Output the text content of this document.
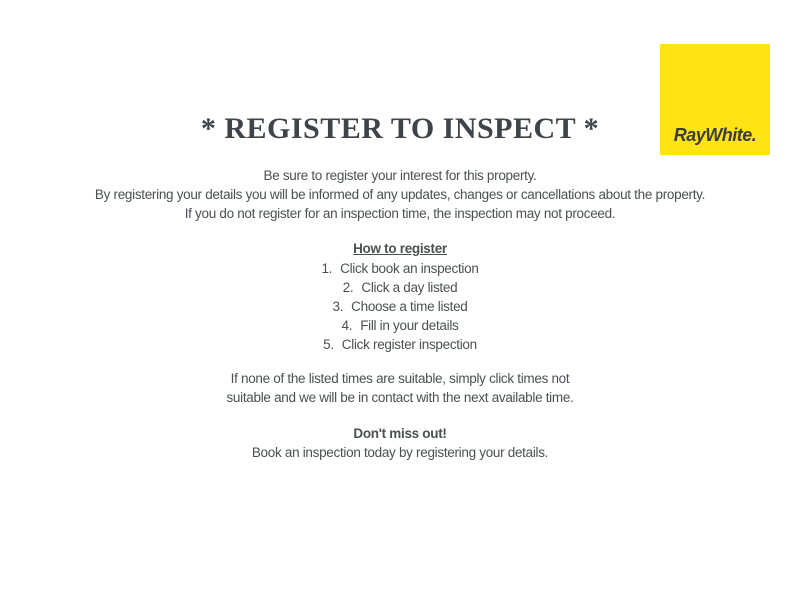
* REGISTER TO INSPECT *	RayWhite.
Be sure to register your interest for this property.
By registering your details you will be informed of any updates, changes or cancellations about the property.
If you do not register for an inspection time, the inspection may not proceed.
How to register
1. Click book an inspection
2. Click a day listed
3. Choose a time listed
4. Fill in your details
5. Click register inspection
If none of the listed times are suitable, simply click times not
suitable and we will be in contact with the next available time.
Don't miss out!
Book an inspection today by registering your details.
